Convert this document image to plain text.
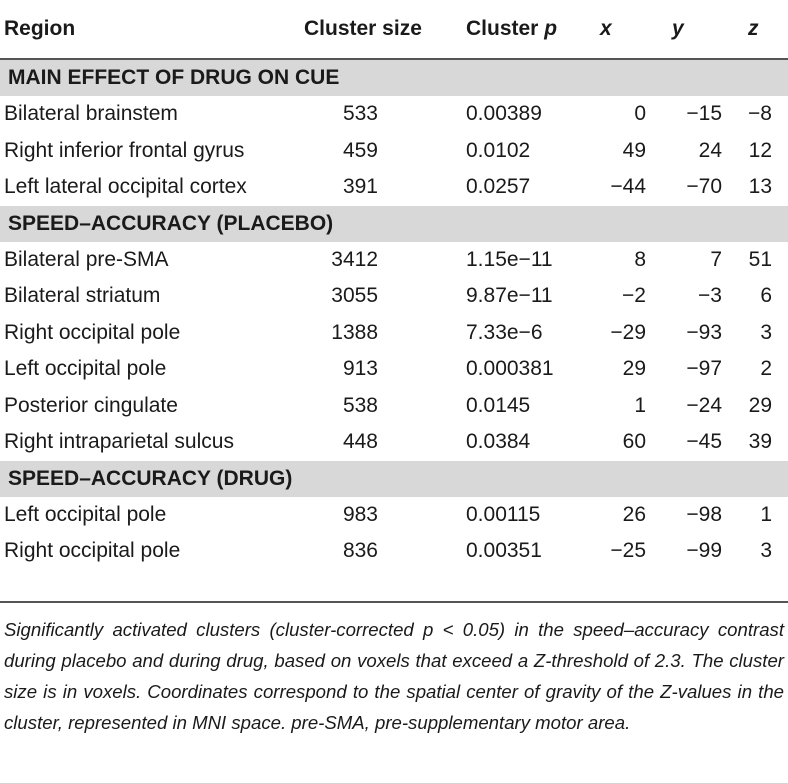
Region	Cluster size	Cluster p	x	y	z
MAIN EFFECT OF DRUG ON CUE					
Bilateral brainstem	533	0.00389	0	−15	−8
Right inferior frontal gyrus	459	0.0102	49	24	12
Left lateral occipital cortex	391	0.0257	−44	−70	13
SPEED–ACCURACY (PLACEBO)					
Bilateral pre-SMA	3412	1.15e−11	8	7	51
Bilateral striatum	3055	9.87e−11	−2	−3	6
Right occipital pole	1388	7.33e−6	−29	−93	3
Left occipital pole	913	0.000381	29	−97	2
Posterior cingulate	538	0.0145	1	−24	29
Right intraparietal sulcus	448	0.0384	60	−45	39
SPEED–ACCURACY (DRUG)					
Left occipital pole	983	0.00115	26	−98	1
Right occipital pole	836	0.00351	−25	−99	3
Significantly activated clusters (cluster-corrected p < 0.05) in the speed–accuracy contrast during placebo and during drug, based on voxels that exceed a Z-threshold of 2.3. The cluster size is in voxels. Coordinates correspond to the spatial center of gravity of the Z-values in the cluster, represented in MNI space. pre-SMA, pre-supplementary motor area.
